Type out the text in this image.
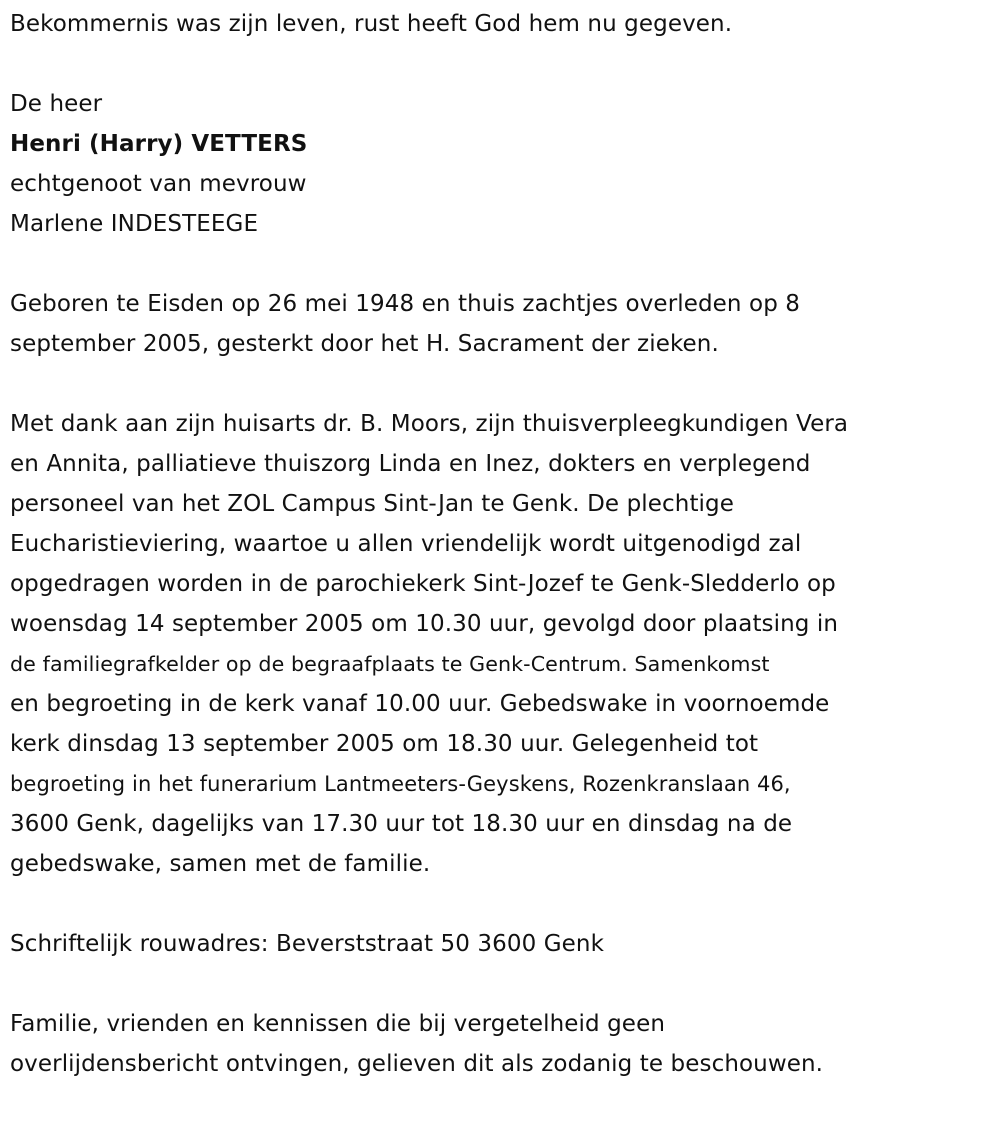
Bekommernis was zijn leven, rust heeft God hem nu gegeven.

De heer

Henri (Harry) VETTERS

echtgenoot van mevrouw

Marlene INDESTEEGE

Geboren te Eisden op 26 mei 1948 en thuis zachtjes overleden op 8

september 2005, gesterkt door het H. Sacrament der zieken.

Met dank aan zijn huisarts dr. B. Moors, zijn thuisverpleegkundigen Vera

en Annita, palliatieve thuiszorg Linda en Inez, dokters en verplegend

personeel van het ZOL Campus Sint-Jan te Genk. De plechtige

Eucharistieviering, waartoe u allen vriendelijk wordt uitgenodigd zal

opgedragen worden in de parochiekerk Sint-Jozef te Genk-Sledderlo op

woensdag 14 september 2005 om 10.30 uur, gevolgd door plaatsing in

de familiegrafkelder op de begraafplaats te Genk-Centrum. Samenkomst

en begroeting in de kerk vanaf 10.00 uur. Gebedswake in voornoemde

kerk dinsdag 13 september 2005 om 18.30 uur. Gelegenheid tot

begroeting in het funerarium Lantmeeters-Geyskens, Rozenkranslaan 46,

3600 Genk, dagelijks van 17.30 uur tot 18.30 uur en dinsdag na de

gebedswake, samen met de familie.

Schriftelijk rouwadres: Beverststraat 50 3600 Genk

Familie, vrienden en kennissen die bij vergetelheid geen

overlijdensbericht ontvingen, gelieven dit als zodanig te beschouwen.
